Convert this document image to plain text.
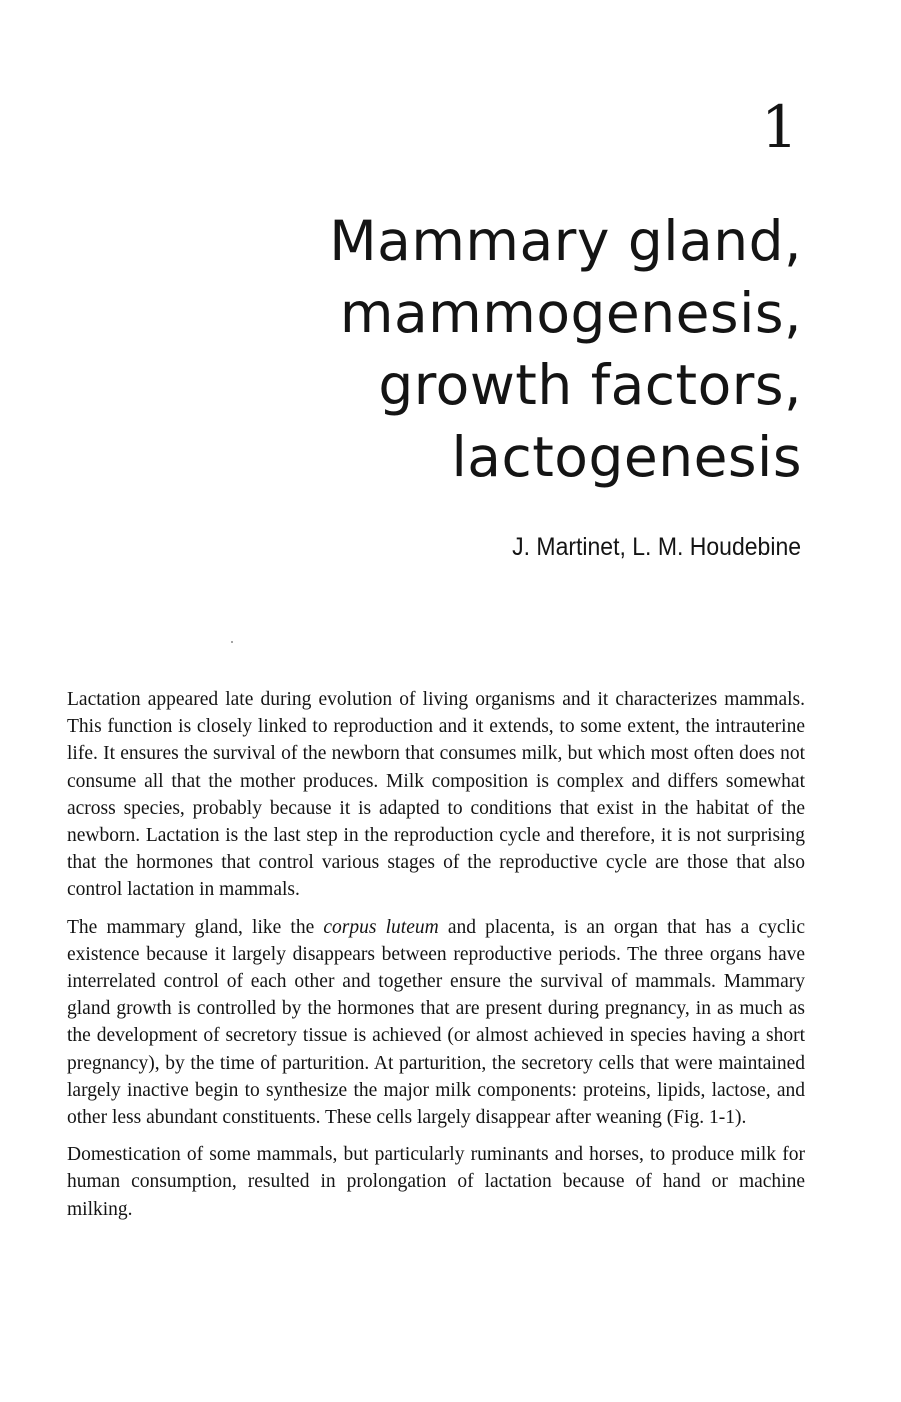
1
Mammary gland,
mammogenesis,
growth factors,
lactogenesis
J. Martinet, L. M. Houdebine

Lactation appeared late during evolution of living organisms and it characterizes mammals. This function is closely linked to reproduction and it extends, to some extent, the intrauterine life. It ensures the survival of the newborn that consumes milk, but which most often does not consume all that the mother produces. Milk composition is complex and differs somewhat across species, probably because it is adapted to conditions that exist in the habitat of the newborn. Lactation is the last step in the reproduction cycle and therefore, it is not surprising that the hormones that control various stages of the reproductive cycle are those that also control lactation in mammals.

The mammary gland, like the corpus luteum and placenta, is an organ that has a cyclic existence because it largely disappears between reproductive periods. The three organs have interrelated control of each other and together ensure the survival of mammals. Mammary gland growth is controlled by the hormones that are present during pregnancy, in as much as the development of secretory tissue is achieved (or almost achieved in species having a short pregnancy), by the time of parturition. At parturition, the secretory cells that were maintained largely inactive begin to synthesize the major milk components: proteins, lipids, lactose, and other less abundant constituents. These cells largely disappear after weaning (Fig. 1-1).

Domestication of some mammals, but particularly ruminants and horses, to produce milk for human consumption, resulted in prolongation of lactation because of hand or machine milking.
